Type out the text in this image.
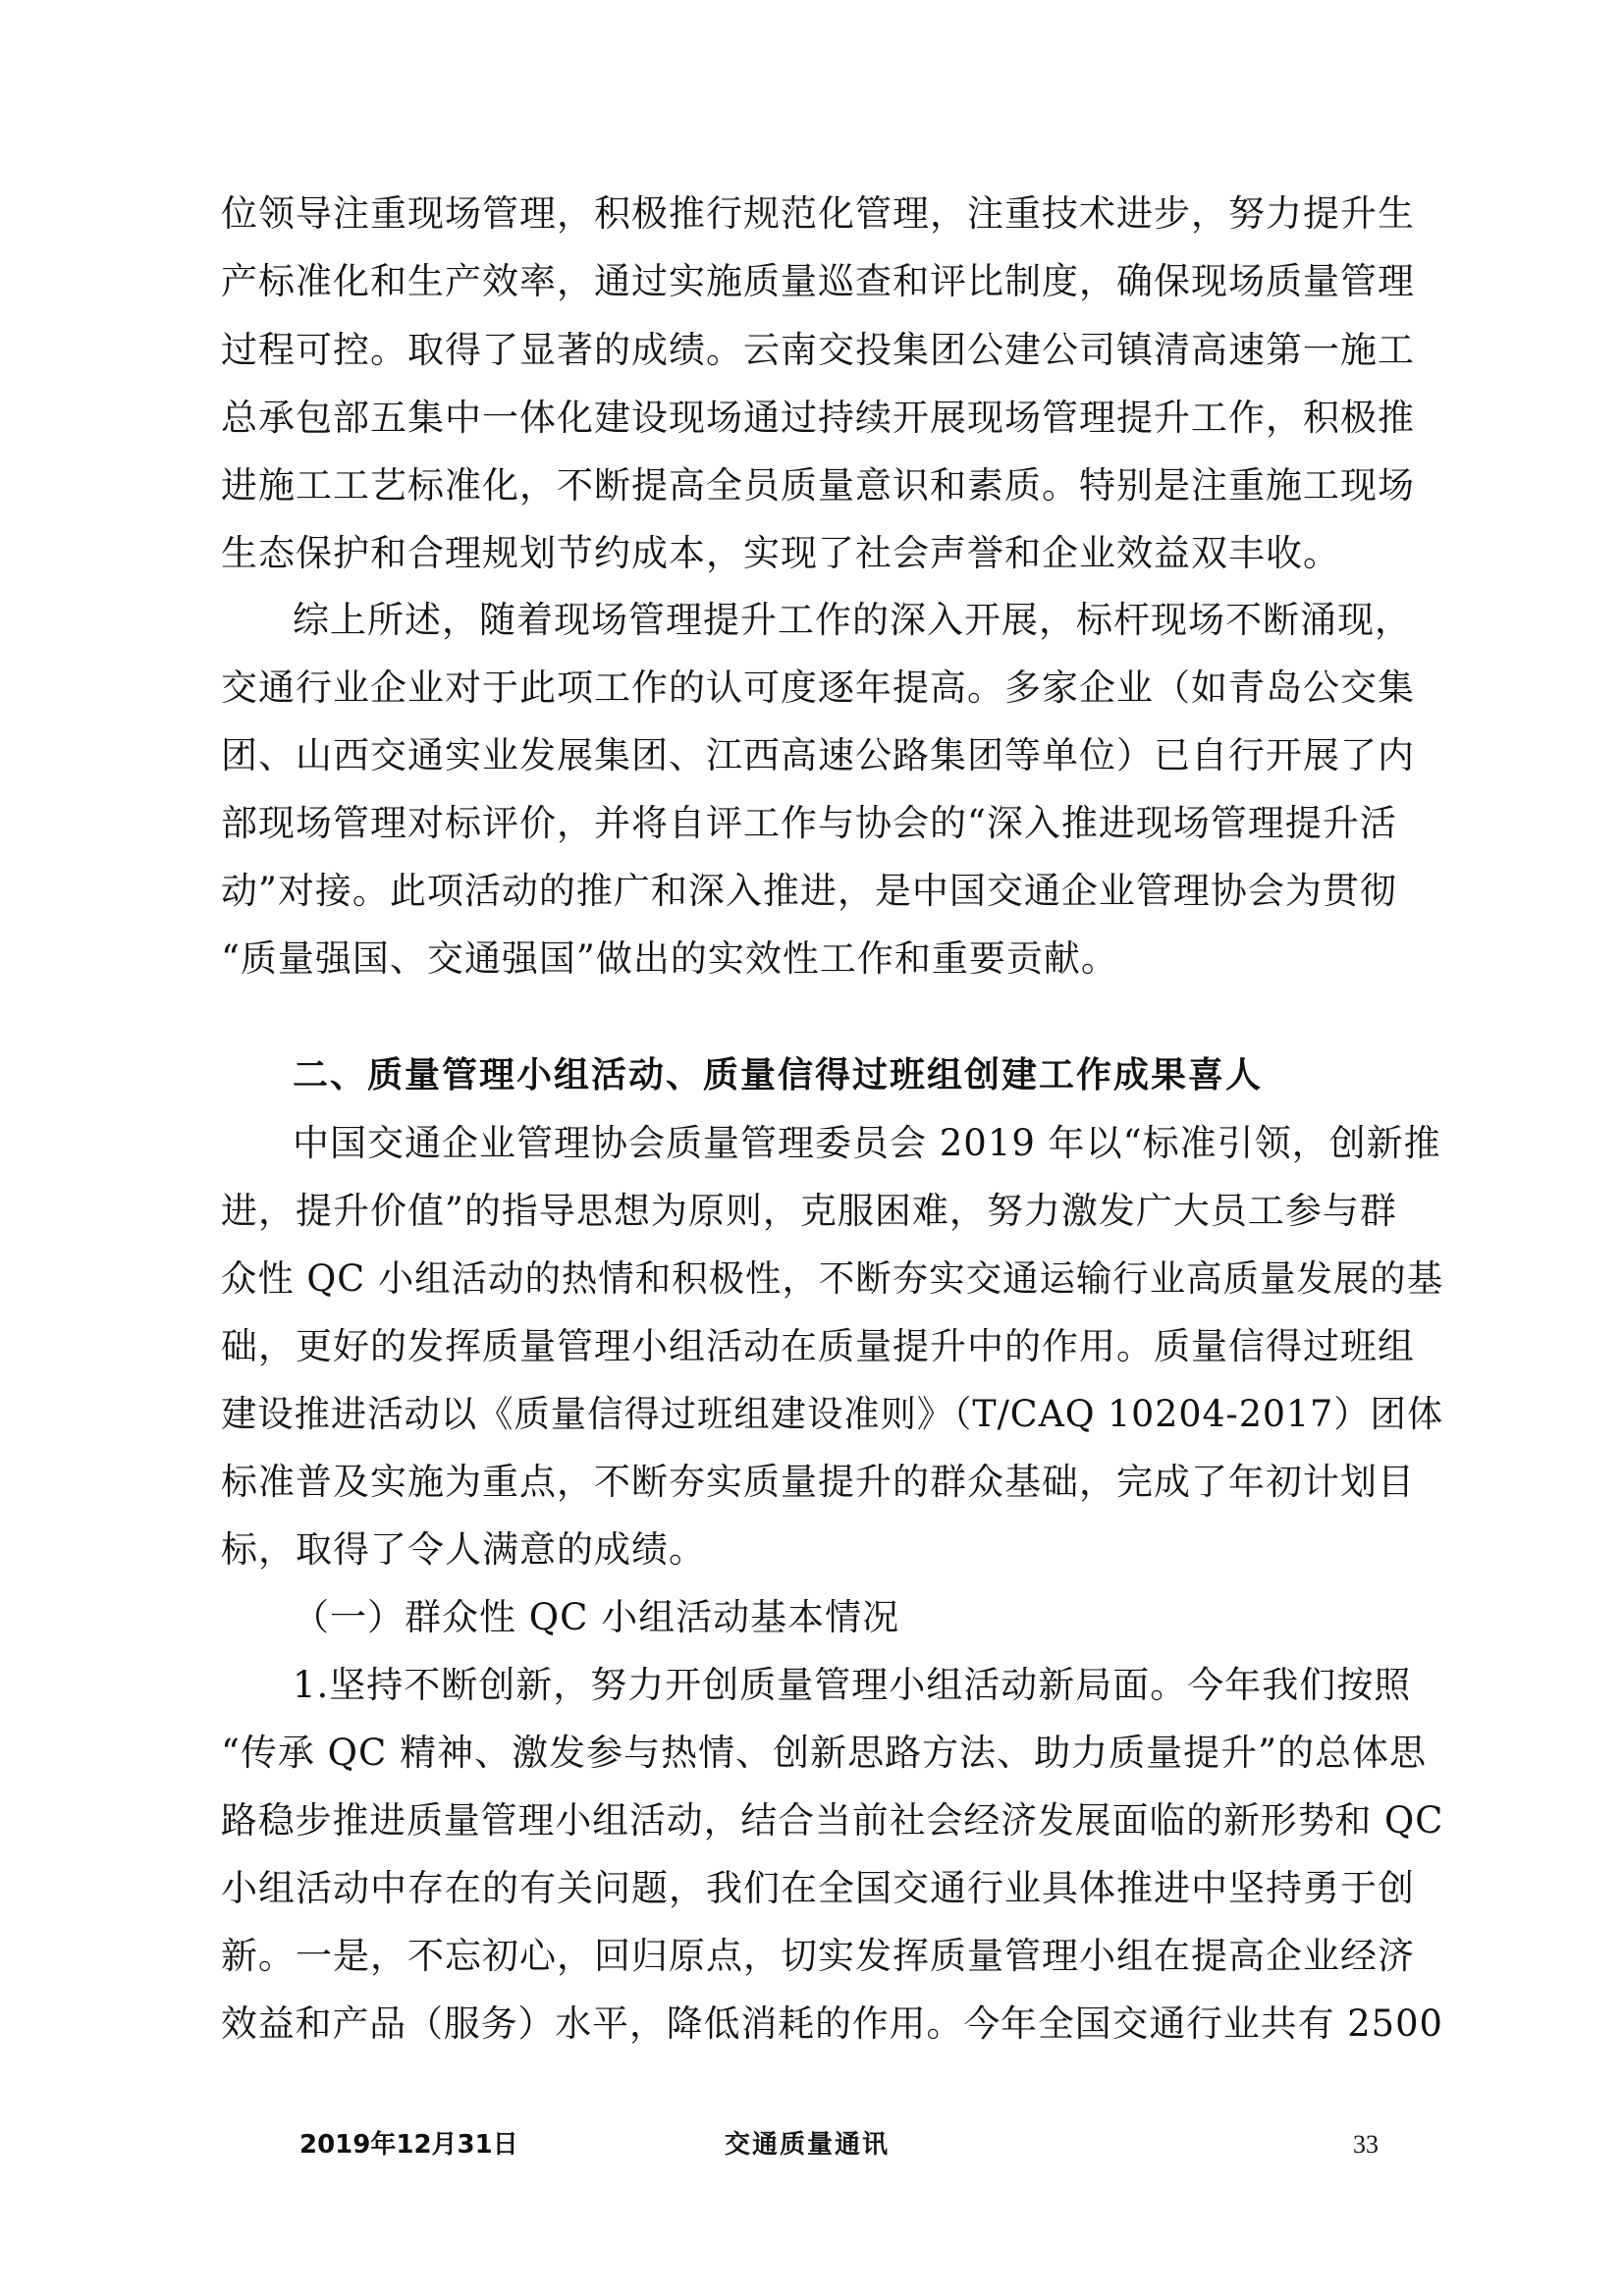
位领导注重现场管理，积极推行规范化管理，注重技术进步，努力提升生
产标准化和生产效率，通过实施质量巡查和评比制度，确保现场质量管理
过程可控。取得了显著的成绩。云南交投集团公建公司镇清高速第一施工
总承包部五集中一体化建设现场通过持续开展现场管理提升工作，积极推
进施工工艺标准化，不断提高全员质量意识和素质。特别是注重施工现场
生态保护和合理规划节约成本，实现了社会声誉和企业效益双丰收。
综上所述，随着现场管理提升工作的深入开展，标杆现场不断涌现，
交通行业企业对于此项工作的认可度逐年提高。多家企业（如青岛公交集
团、山西交通实业发展集团、江西高速公路集团等单位）已自行开展了内
部现场管理对标评价，并将自评工作与协会的“深入推进现场管理提升活
动”对接。此项活动的推广和深入推进，是中国交通企业管理协会为贯彻
“质量强国、交通强国”做出的实效性工作和重要贡献。
二、质量管理小组活动、质量信得过班组创建工作成果喜人
中国交通企业管理协会质量管理委员会 2019 年以“标准引领，创新推
进，提升价值”的指导思想为原则，克服困难，努力激发广大员工参与群
众性 QC 小组活动的热情和积极性，不断夯实交通运输行业高质量发展的基
础，更好的发挥质量管理小组活动在质量提升中的作用。质量信得过班组
建设推进活动以《质量信得过班组建设准则》（T/CAQ 10204-2017）团体
标准普及实施为重点，不断夯实质量提升的群众基础，完成了年初计划目
标，取得了令人满意的成绩。
（一）群众性 QC 小组活动基本情况
1.坚持不断创新，努力开创质量管理小组活动新局面。今年我们按照
“传承 QC 精神、激发参与热情、创新思路方法、助力质量提升”的总体思
路稳步推进质量管理小组活动，结合当前社会经济发展面临的新形势和 QC
小组活动中存在的有关问题，我们在全国交通行业具体推进中坚持勇于创
新。一是，不忘初心，回归原点，切实发挥质量管理小组在提高企业经济
效益和产品（服务）水平，降低消耗的作用。今年全国交通行业共有 2500
2019年12月31日	交通质量通讯	33
